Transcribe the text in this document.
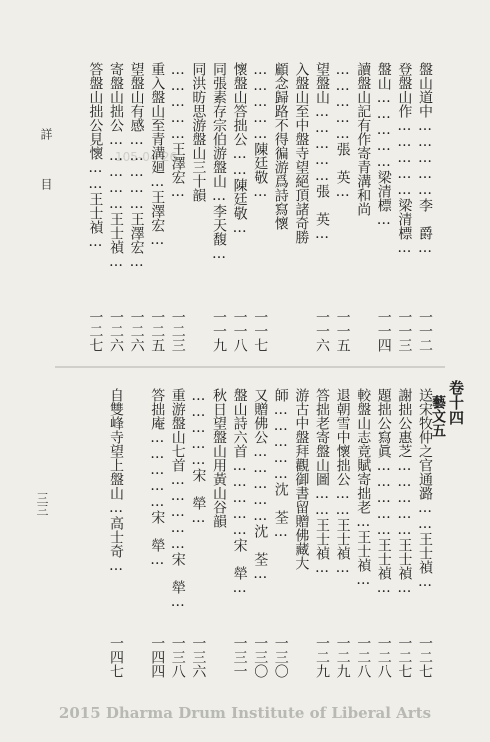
詳
目
三三
105-04-26	盤山道中……………李　爵…
一一二
登盤山作……………梁清標…
一一三
盤山……………梁清標…
一一四
讀盤山記有作寄青溝和尚
……………張　英…
一一五
望盤山……………張　英…
一一六
入盤山至中盤寺望絕頂諸奇勝
顧念歸路不得徧游爲詩寫懷
……………陳廷敬…
一一七
懷盤山答拙公……陳廷敬…
一一八
同張素存宗伯游盤山…李天馥…
一一九
同洪昉思游盤山三十韻
……………王澤宏…
一二三
重入盤山至青溝廻…王澤宏…
一二五
望盤山有感……………王澤宏…
一二六
寄盤山拙公……………王士禎…
一二六
答盤山拙公見懷……王士禎…
一二七
卷十四
藝文五
送宋牧仲之官通潞……王士禎…
一二七
謝拙公惠芝……………王士禎…
一二七
題拙公寫眞……………王士禎…
一二八
較盤山志竟賦寄拙老…王士禎…
一二八
退朝雪中懷拙公……王士禎…
一二九
答拙老寄盤山圖……王士禎…
一二九
游古中盤拜觀御書留贈佛藏大
師……………沈　荃…
一三〇
又贈佛公……………沈　荃…
一三〇
盤山詩六首……………宋　犖…
一三一
秋日望盤山用黃山谷韻
……………宋　犖…
一三六
重游盤山七首……………宋　犖…
一三八
答拙庵……………宋　犖…
一四四
自雙峰寺望上盤山…高士奇…
一四七
2015 Dharma Drum Institute of Liberal Arts
